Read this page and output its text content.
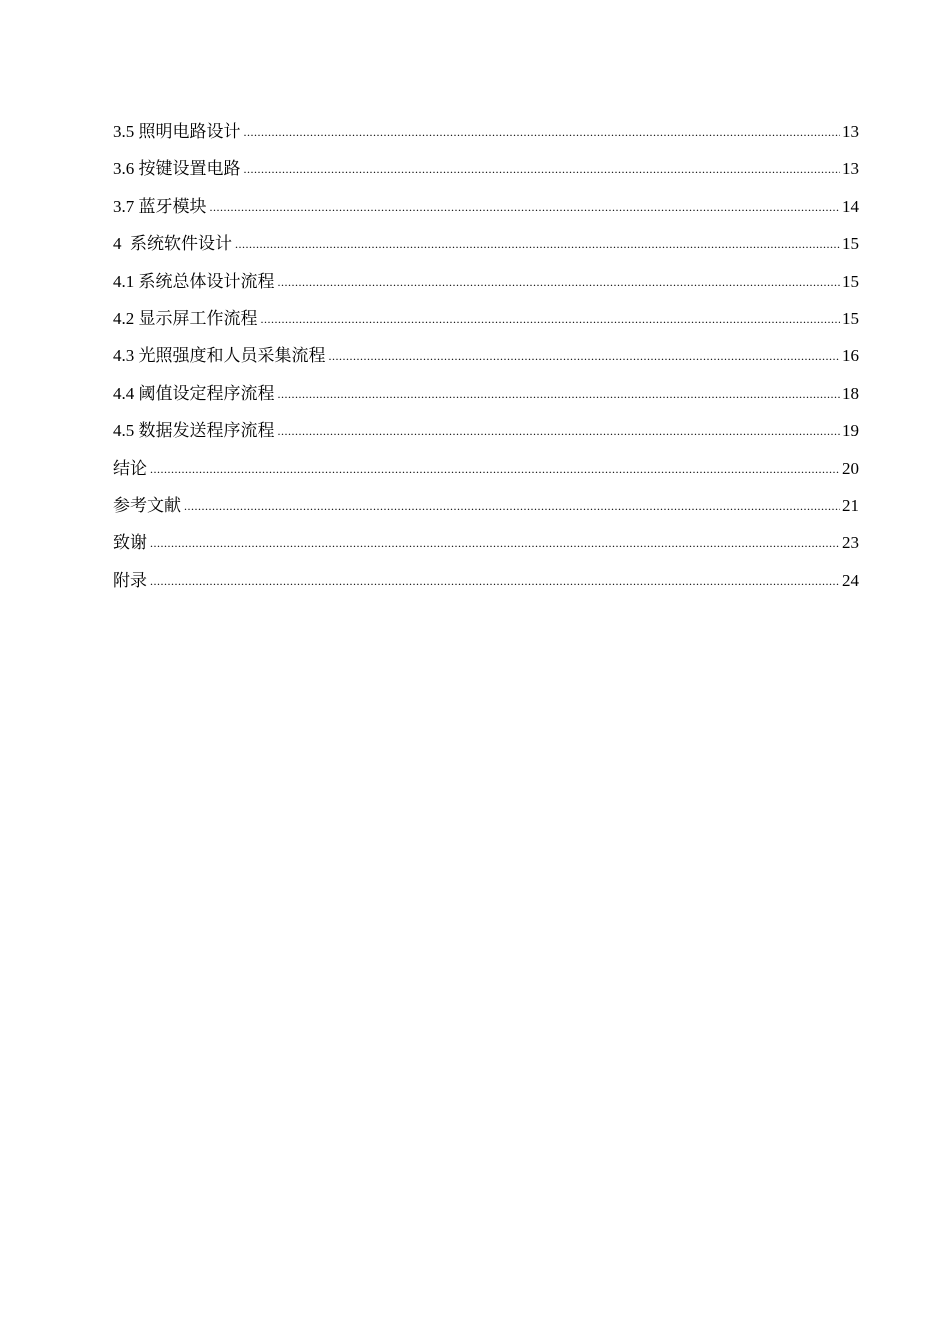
3.5 照明电路设计 .....	13
3.6 按键设置电路 .....	13
3.7 蓝牙模块 .....	14
4  系统软件设计 .....	15
4.1 系统总体设计流程 .....	15
4.2 显示屏工作流程 .....	15
4.3 光照强度和人员采集流程 .....	16
4.4 阈值设定程序流程 .....	18
4.5 数据发送程序流程 .....	19
结论 .....	20
参考文献 .....	21
致谢 .....	23
附录 .....	24
